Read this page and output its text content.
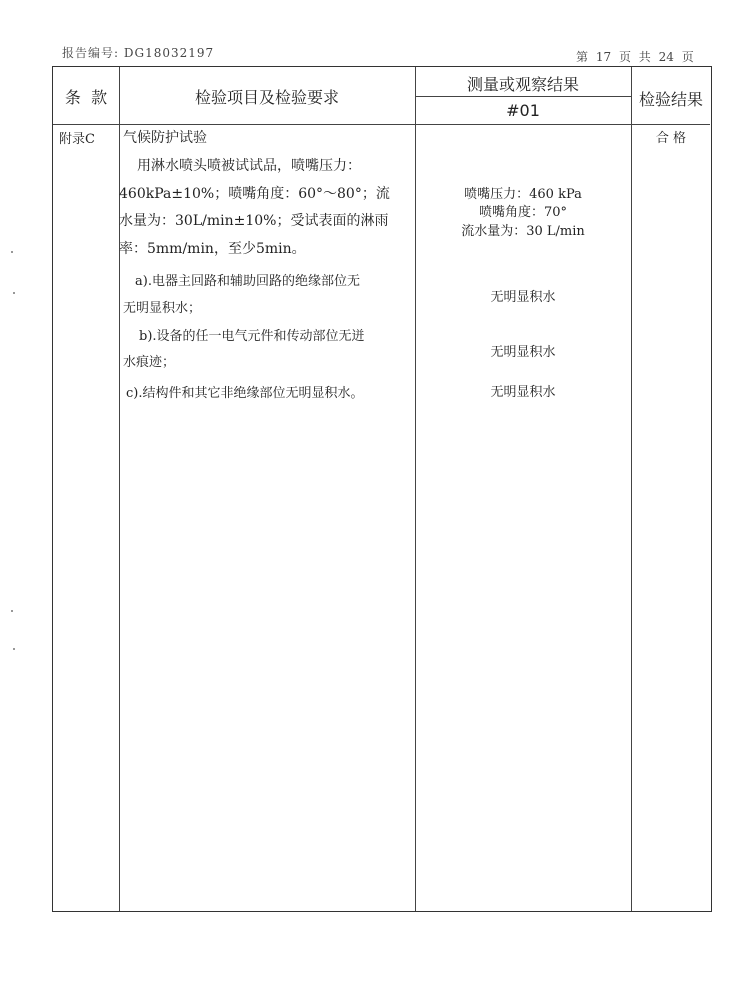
报告编号: DG18032197	第 17 页 共 24 页
条  款	检验项目及检验要求
测量或观察结果
#01
检验结果
附录C 气候防护试验
用淋水喷头喷被试试品，喷嘴压力：
460kPa±10%；喷嘴角度：60°～80°；流
水量为：30L/min±10%；受试表面的淋雨
率：5mm/min，至少5min。
a).电器主回路和辅助回路的绝缘部位无
无明显积水；
b).设备的任一电气元件和传动部位无迸
水痕迹；
c).结构件和其它非绝缘部位无明显积水。
喷嘴压力：460 kPa
喷嘴角度：70°
流水量为：30 L/min
无明显积水
无明显积水
无明显积水
合 格
